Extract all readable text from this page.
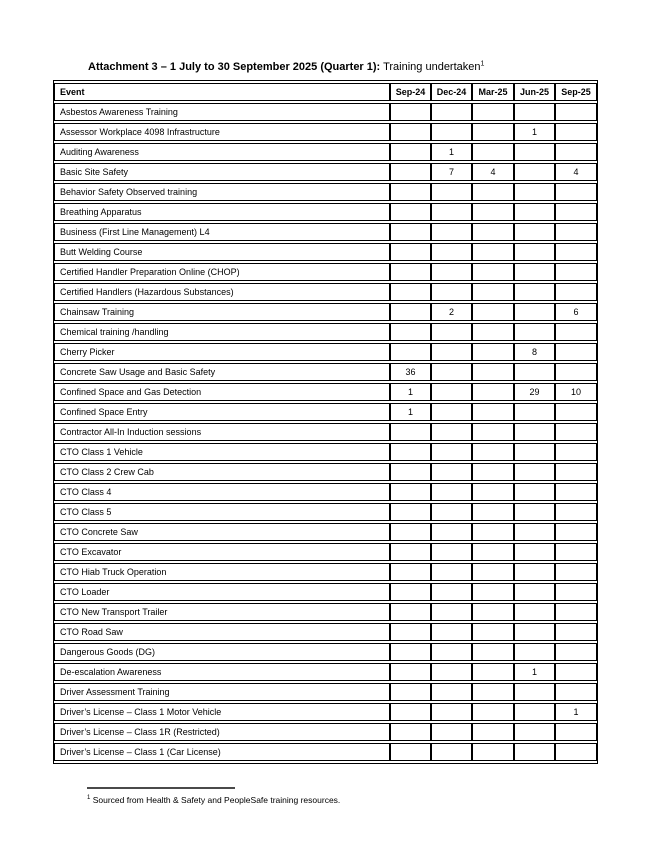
Attachment 3 – 1 July to 30 September 2025 (Quarter 1): Training undertaken$^1$

Event	Sep-24	Dec-24	Mar-25	Jun-25	Sep-25
Asbestos Awareness Training					
Assessor Workplace 4098 Infrastructure				1	
Auditing Awareness		1			
Basic Site Safety		7	4		4
Behavior Safety Observed training					
Breathing Apparatus					
Business (First Line Management) L4					
Butt Welding Course					
Certified Handler Preparation Online (CHOP)					
Certified Handlers (Hazardous Substances)					
Chainsaw Training		2			6
Chemical training /handling					
Cherry Picker				8	
Concrete Saw Usage and Basic Safety	36				
Confined Space and Gas Detection	1			29	10
Confined Space Entry	1				
Contractor All-In Induction sessions					
CTO Class 1 Vehicle					
CTO Class 2 Crew Cab					
CTO Class 4					
CTO Class 5					
CTO Concrete Saw					
CTO Excavator					
CTO Hiab Truck Operation					
CTO Loader					
CTO New Transport Trailer					
CTO Road Saw					
Dangerous Goods (DG)					
De-escalation Awareness				1	
Driver Assessment Training					
Driver’s License – Class 1 Motor Vehicle					1
Driver’s License – Class 1R (Restricted)					
Driver’s License – Class 1 (Car License)					

$^1$ Sourced from Health & Safety and PeopleSafe training resources.
